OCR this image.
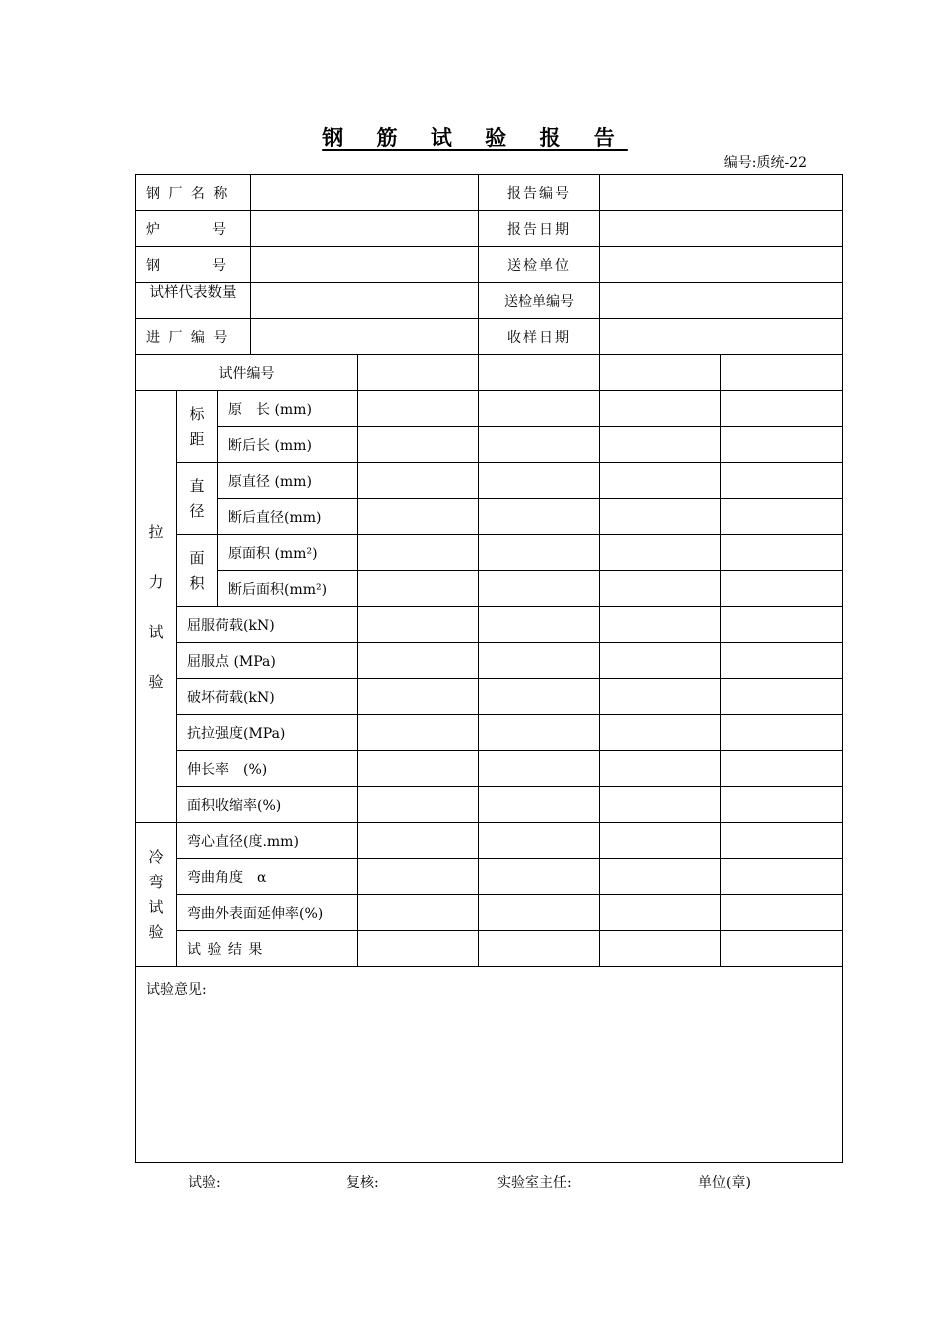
钢 筋 试 验 报 告
编号:质统-22
钢 厂 名 称					报告编号		

炉 号					报告日期		

钢 号					送检单位		

试样代表数量					送检单编号		
进 厂 编 号					收样日期		
试件编号							

拉力试验	标距	原　长 (mm)					
		断后长 (mm)					

	直径	原直径 (mm)					
		断后直径(mm)					

	面积	原面积 (mm²)					
		断后面积(mm²)					
	屈服荷载(kN)						
	屈服点 (MPa)						
	破坏荷载(kN)						
	抗拉强度(MPa)						
	伸长率　(%)						
	面积收缩率(%)						

冷弯试验	弯心直径(度.mm)						
	弯曲角度　α						
	弯曲外表面延伸率(%)						
	试 验 结 果						
试验意见:							
试验:	复核:	实验室主任:	单位(章)
